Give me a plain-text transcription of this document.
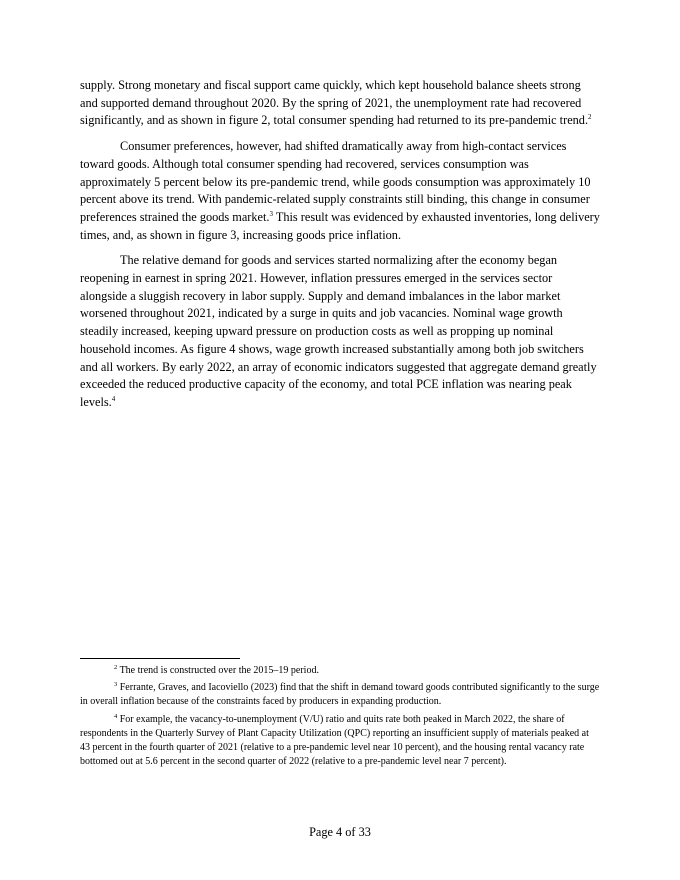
supply. Strong monetary and fiscal support came quickly, which kept household balance sheets strong and supported demand throughout 2020. By the spring of 2021, the unemployment rate had recovered significantly, and as shown in figure 2, total consumer spending had returned to its pre-pandemic trend.$^2$

Consumer preferences, however, had shifted dramatically away from high-contact services toward goods. Although total consumer spending had recovered, services consumption was approximately 5 percent below its pre-pandemic trend, while goods consumption was approximately 10 percent above its trend. With pandemic-related supply constraints still binding, this change in consumer preferences strained the goods market.$^3$ This result was evidenced by exhausted inventories, long delivery times, and, as shown in figure 3, increasing goods price inflation.

The relative demand for goods and services started normalizing after the economy began reopening in earnest in spring 2021. However, inflation pressures emerged in the services sector alongside a sluggish recovery in labor supply. Supply and demand imbalances in the labor market worsened throughout 2021, indicated by a surge in quits and job vacancies. Nominal wage growth steadily increased, keeping upward pressure on production costs as well as propping up nominal household incomes. As figure 4 shows, wage growth increased substantially among both job switchers and all workers. By early 2022, an array of economic indicators suggested that aggregate demand greatly exceeded the reduced productive capacity of the economy, and total PCE inflation was nearing peak levels.$^4$

$^2$ The trend is constructed over the 2015–19 period.

$^3$ Ferrante, Graves, and Iacoviello (2023) find that the shift in demand toward goods contributed significantly to the surge in overall inflation because of the constraints faced by producers in expanding production.

$^4$ For example, the vacancy-to-unemployment (V/U) ratio and quits rate both peaked in March 2022, the share of respondents in the Quarterly Survey of Plant Capacity Utilization (QPC) reporting an insufficient supply of materials peaked at 43 percent in the fourth quarter of 2021 (relative to a pre-pandemic level near 10 percent), and the housing rental vacancy rate bottomed out at 5.6 percent in the second quarter of 2022 (relative to a pre-pandemic level near 7 percent).

Page 4 of 33
